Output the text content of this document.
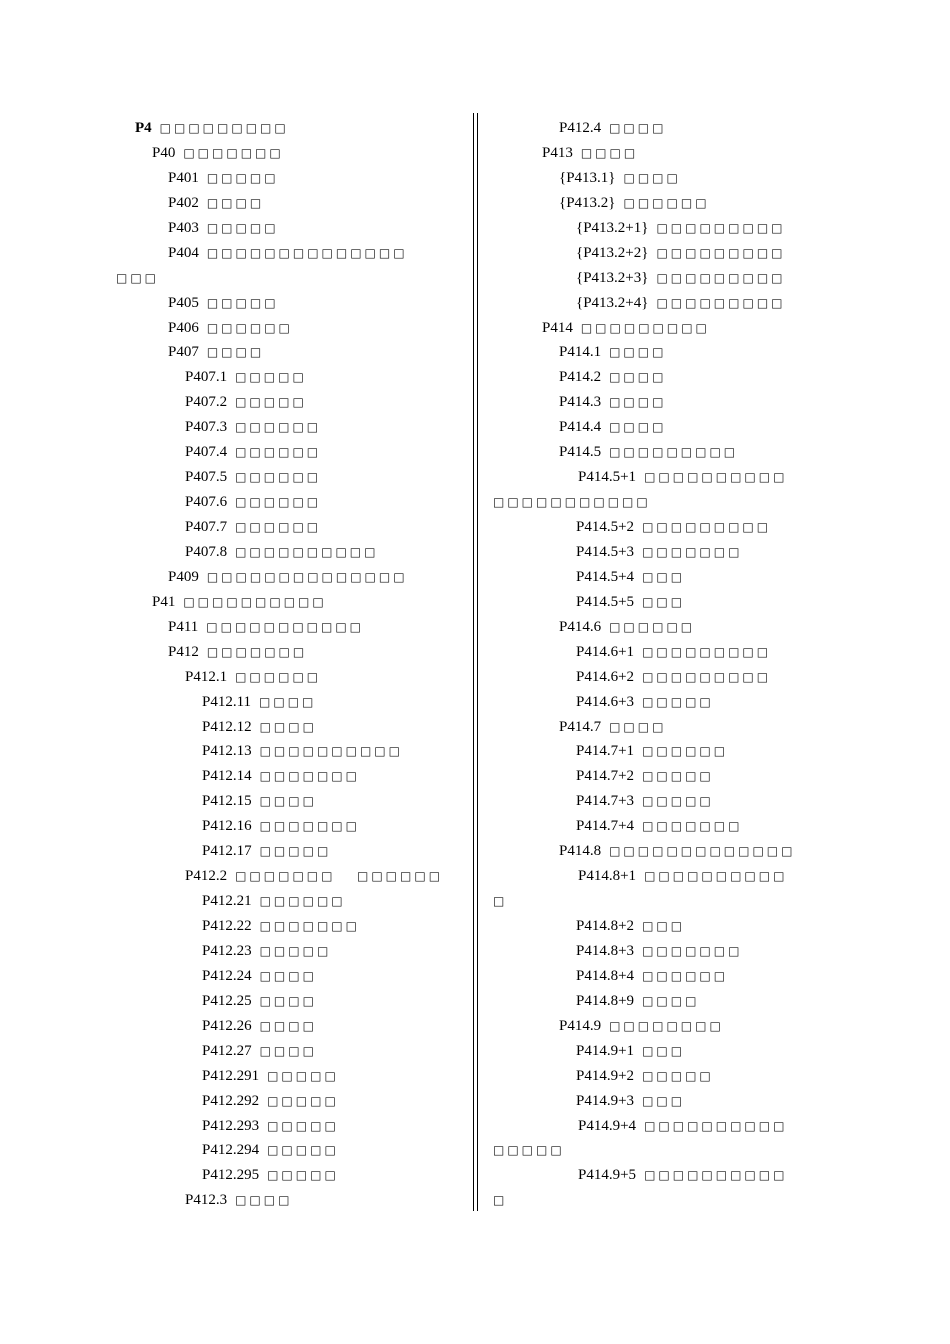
P4 □□□□□□□□□
P40 □□□□□□□
P401 □□□□□
P402 □□□□
P403 □□□□□
P404 □□□□□□□□□□□□□□
□□□
P405 □□□□□
P406 □□□□□□
P407 □□□□
P407.1 □□□□□
P407.2 □□□□□
P407.3 □□□□□□
P407.4 □□□□□□
P407.5 □□□□□□
P407.6 □□□□□□
P407.7 □□□□□□
P407.8 □□□□□□□□□□
P409 □□□□□□□□□□□□□□
P41 □□□□□□□□□□
P411 □□□□□□□□□□□
P412 □□□□□□□
P412.1 □□□□□□
P412.11 □□□□
P412.12 □□□□
P412.13 □□□□□□□□□□
P412.14 □□□□□□□
P412.15 □□□□
P412.16 □□□□□□□
P412.17 □□□□□
P412.2 □□□□□□□ □□□□□□
P412.21 □□□□□□
P412.22 □□□□□□□
P412.23 □□□□□
P412.24 □□□□
P412.25 □□□□
P412.26 □□□□
P412.27 □□□□
P412.291 □□□□□
P412.292 □□□□□
P412.293 □□□□□
P412.294 □□□□□
P412.295 □□□□□
P412.3 □□□□
P412.4 □□□□
P413 □□□□
{P413.1} □□□□
{P413.2} □□□□□□
{P413.2+1} □□□□□□□□□
{P413.2+2} □□□□□□□□□
{P413.2+3} □□□□□□□□□
{P413.2+4} □□□□□□□□□
P414 □□□□□□□□□
P414.1 □□□□
P414.2 □□□□
P414.3 □□□□
P414.4 □□□□
P414.5 □□□□□□□□□
P414.5+1 □□□□□□□□□□
□□□□□□□□□□□
P414.5+2 □□□□□□□□□
P414.5+3 □□□□□□□
P414.5+4 □□□
P414.5+5 □□□
P414.6 □□□□□□
P414.6+1 □□□□□□□□□
P414.6+2 □□□□□□□□□
P414.6+3 □□□□□
P414.7 □□□□
P414.7+1 □□□□□□
P414.7+2 □□□□□
P414.7+3 □□□□□
P414.7+4 □□□□□□□
P414.8 □□□□□□□□□□□□□
P414.8+1 □□□□□□□□□□
□
P414.8+2 □□□
P414.8+3 □□□□□□□
P414.8+4 □□□□□□
P414.8+9 □□□□
P414.9 □□□□□□□□
P414.9+1 □□□
P414.9+2 □□□□□
P414.9+3 □□□
P414.9+4 □□□□□□□□□□
□□□□□
P414.9+5 □□□□□□□□□□
□
